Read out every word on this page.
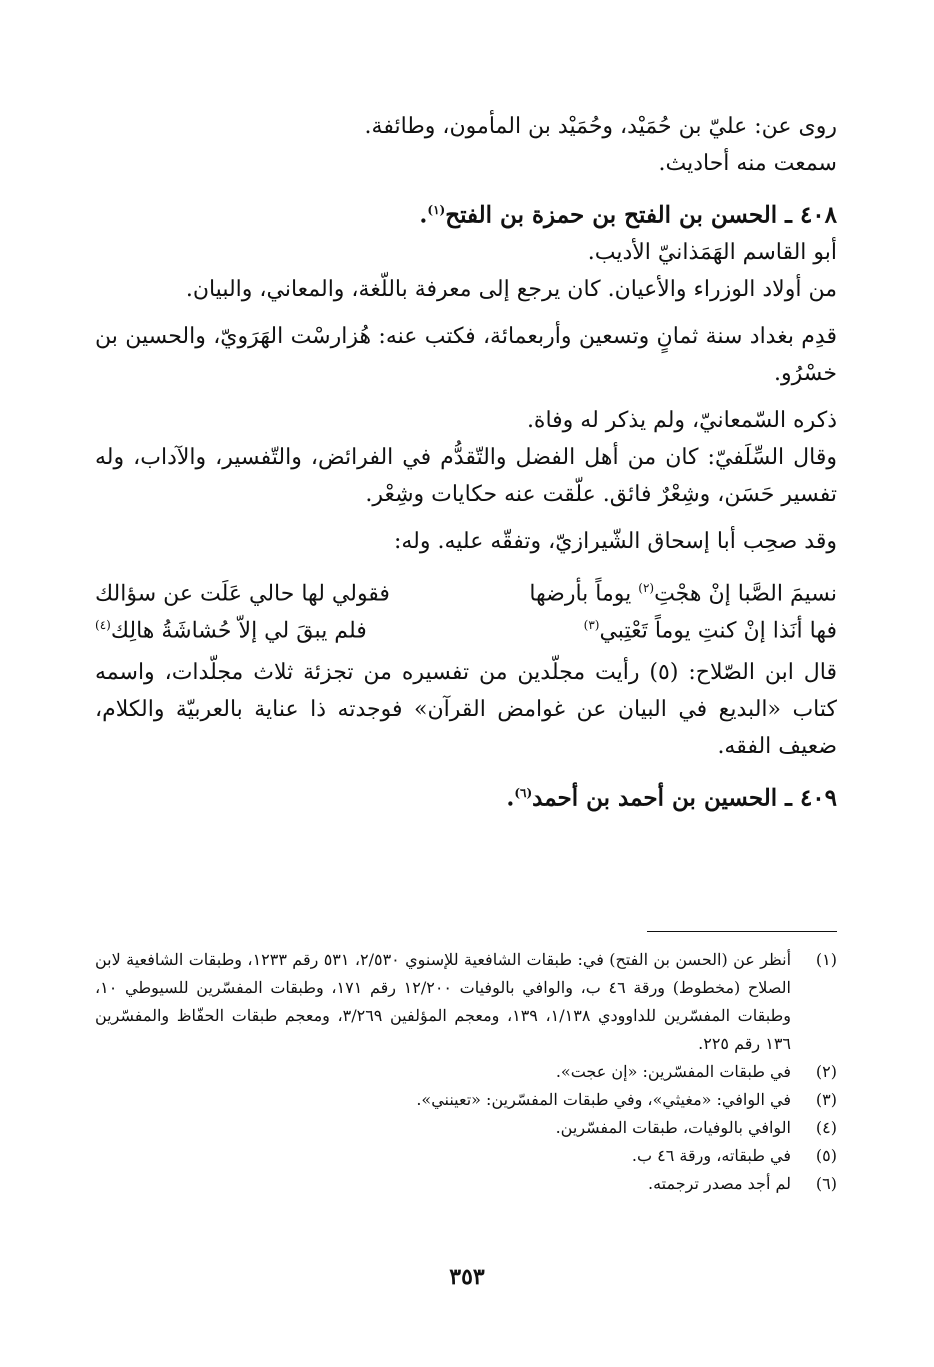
روى عن: عليّ بن حُمَيْد، وحُمَيْد بن المأمون، وطائفة.

سمعت منه أحاديث.

٤٠٨ ـ الحسن بن الفتح بن حمزة بن الفتح$^{(١)}$.

أبو القاسم الهَمَذانيّ الأديب.

من أولاد الوزراء والأعيان. كان يرجع إلى معرفة باللّغة، والمعاني، والبيان.

قدِم بغداد سنة ثمانٍ وتسعين وأربعمائة، فكتب عنه: هُزارسْت الهَرَويّ، والحسين بن خسْرُو.

ذكره السّمعانيّ، ولم يذكر له وفاة.

وقال السِّلَفيّ: كان من أهل الفضل والتّقدُّم في الفرائض، والتّفسير، والآداب، وله تفسير حَسَن، وشِعْرٌ فائق. علّقت عنه حكايات وشِعْر.

وقد صحِب أبا إسحاق الشّيرازيّ، وتفقّه عليه. وله:

نسيمَ الصَّبا إنْ هجْتِ$^{(٢)}$ يوماً بأرضها
فقولي لها حالي عَلَت عن سؤالك
فها أنَذا إنْ كنتِ يوماً تَعْتِبي$^{(٣)}$
فلم يبقَ لي إلاّ حُشاشَةُ هالِك$^{(٤)}$

قال ابن الصّلاح: (٥) رأيت مجلّدين من تفسيره من تجزئة ثلاث مجلّدات، واسمه كتاب «البديع في البيان عن غوامض القرآن» فوجدته ذا عناية بالعربيّة والكلام، ضعيف الفقه.

٤٠٩ ـ الحسين بن أحمد بن أحمد$^{(٦)}$.

(١)
أنظر عن (الحسن بن الفتح) في: طبقات الشافعية للإسنوي ٢/٥٣٠، ٥٣١ رقم ١٢٣٣، وطبقات الشافعية لابن الصلاح (مخطوط) ورقة ٤٦ ب، والوافي بالوفيات ١٢/٢٠٠ رقم ١٧١، وطبقات المفسّرين للسيوطي ١٠، وطبقات المفسّرين للداوودي ١/١٣٨، ١٣٩، ومعجم المؤلفين ٣/٢٦٩، ومعجم طبقات الحفّاظ والمفسّرين ١٣٦ رقم ٢٢٥.
(٢)
في طبقات المفسّرين: «إن عجت».
(٣)
في الوافي: «مغيثي»، وفي طبقات المفسّرين: «تعينني».
(٤)
الوافي بالوفيات، طبقات المفسّرين.
(٥)
في طبقاته، ورقة ٤٦ ب.
(٦)
لم أجد مصدر ترجمته.
٣٥٣
